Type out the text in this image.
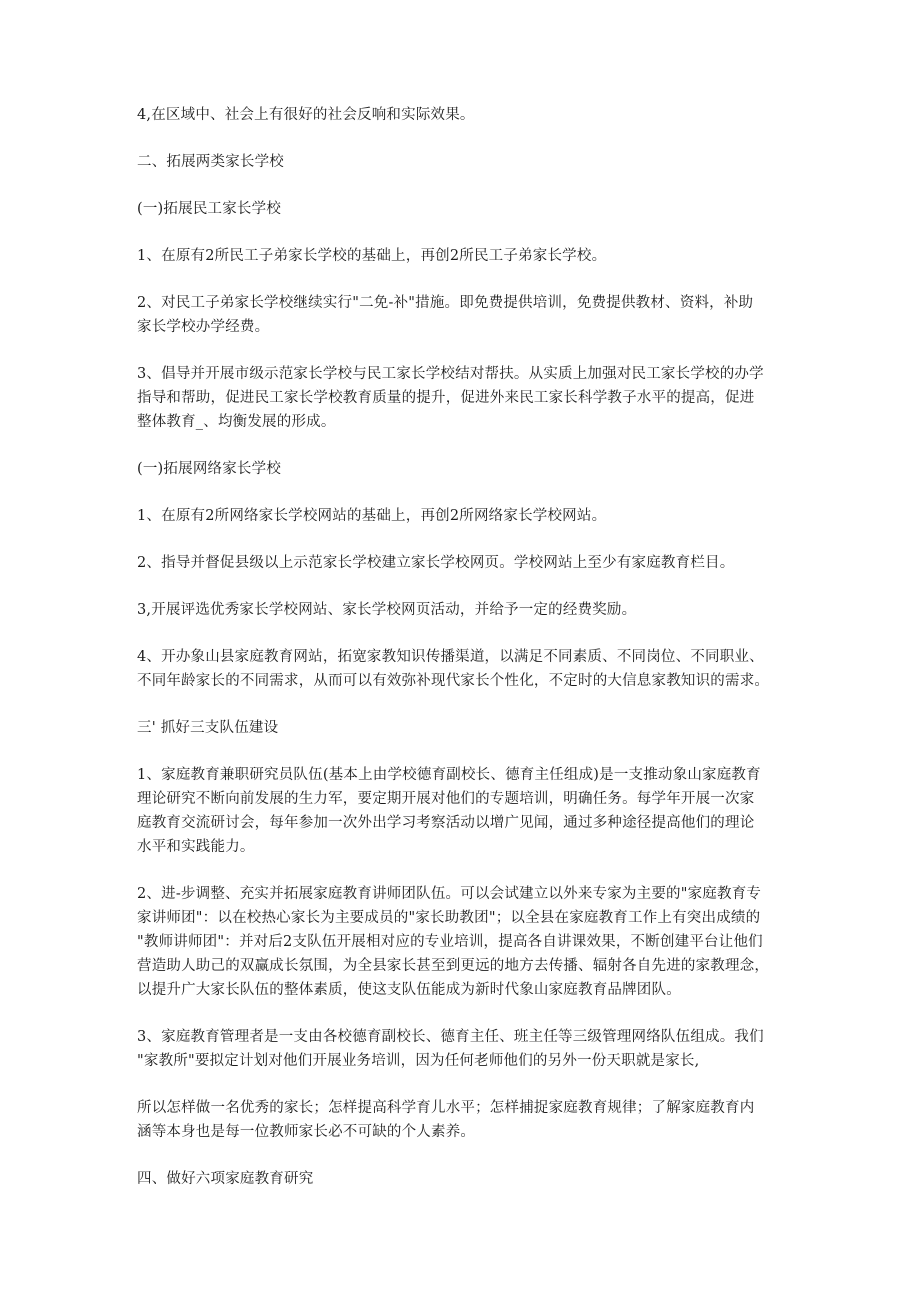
4,在区域中、社会上有很好的社会反响和实际效果。
二、拓展两类家长学校
(一)拓展民工家长学校
1、在原有2所民工子弟家长学校的基础上，再创2所民工子弟家长学校。
2、对民工子弟家长学校继续实行"二免-补"措施。即免费提供培训，免费提供教材、资料，补助
家长学校办学经费。
3、倡导并开展市级示范家长学校与民工家长学校结对帮扶。从实质上加强对民工家长学校的办学
指导和帮助，促进民工家长学校教育质量的提升，促进外来民工家长科学教子水平的提高，促进
整体教育_、均衡发展的形成。
(一)拓展网络家长学校
1、在原有2所网络家长学校网站的基础上，再创2所网络家长学校网站。
2、指导并督促县级以上示范家长学校建立家长学校网页。学校网站上至少有家庭教育栏目。
3,开展评选优秀家长学校网站、家长学校网页活动，并给予一定的经费奖励。
4、开办象山县家庭教育网站，拓宽家教知识传播渠道，以满足不同素质、不同岗位、不同职业、
不同年龄家长的不同需求，从而可以有效弥补现代家长个性化，不定时的大信息家教知识的需求。
三' 抓好三支队伍建设
1、家庭教育兼职研究员队伍(基本上由学校德育副校长、德育主任组成)是一支推动象山家庭教育
理论研究不断向前发展的生力军，要定期开展对他们的专题培训，明确任务。每学年开展一次家
庭教育交流研讨会，每年参加一次外出学习考察活动以增广见闻，通过多种途径提高他们的理论
水平和实践能力。
2、进-步调整、充实并拓展家庭教育讲师团队伍。可以会试建立以外来专家为主要的"家庭教育专
家讲师团"：以在校热心家长为主要成员的"家长助教团"；以全县在家庭教育工作上有突出成绩的
"教师讲师团"：并对后2支队伍开展相对应的专业培训，提高各自讲课效果，不断创建平台让他们
营造助人助己的双赢成长氛围，为全县家长甚至到更远的地方去传播、辐射各自先进的家教理念，
以提升广大家长队伍的整体素质，使这支队伍能成为新时代象山家庭教育品牌团队。
3、家庭教育管理者是一支由各校德育副校长、德育主任、班主任等三级管理网络队伍组成。我们
"家教所"要拟定计划对他们开展业务培训，因为任何老师他们的另外一份天职就是家长,
所以怎样做一名优秀的家长；怎样提高科学育儿水平；怎样捕捉家庭教育规律；了解家庭教育内
涵等本身也是每一位教师家长必不可缺的个人素养。
四、做好六项家庭教育研究
